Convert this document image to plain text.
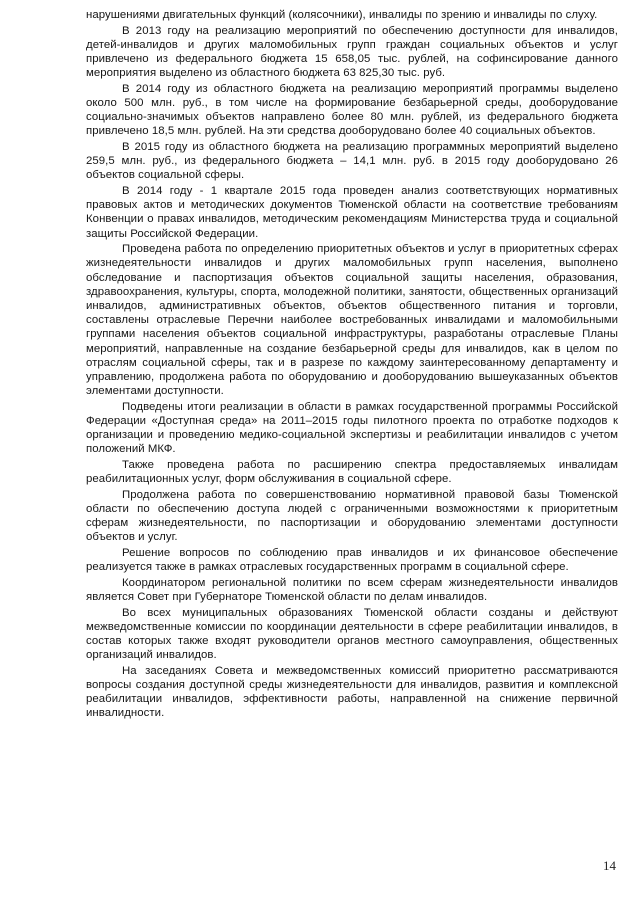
нарушениями двигательных функций (колясочники), инвалиды по зрению и инвалиды по слуху.

В 2013 году на реализацию мероприятий по обеспечению доступности для инвалидов, детей-инвалидов и других маломобильных групп граждан социальных объектов и услуг привлечено из федерального бюджета 15 658,05 тыс. рублей, на софинсирование данного мероприятия выделено из областного бюджета 63 825,30 тыс. руб.

В 2014 году из областного бюджета на реализацию мероприятий программы выделено около 500 млн. руб., в том числе на формирование безбарьерной среды, дооборудование социально-значимых объектов направлено более 80 млн. рублей, из федерального бюджета привлечено 18,5 млн. рублей. На эти средства дооборудовано более 40 социальных объектов.

В 2015 году из областного бюджета на реализацию программных мероприятий выделено 259,5 млн. руб., из федерального бюджета – 14,1 млн. руб. в 2015 году дооборудовано 26 объектов социальной сферы.

В 2014 году - 1 квартале 2015 года проведен анализ соответствующих нормативных правовых актов и методических документов Тюменской области на соответствие требованиям Конвенции о правах инвалидов, методическим рекомендациям Министерства труда и социальной защиты Российской Федерации.

Проведена работа по определению приоритетных объектов и услуг в приоритетных сферах жизнедеятельности инвалидов и других маломобильных групп населения, выполнено обследование и паспортизация объектов социальной защиты населения, образования, здравоохранения, культуры, спорта, молодежной политики, занятости, общественных организаций инвалидов, административных объектов, объектов общественного питания и торговли, составлены отраслевые Перечни наиболее востребованных инвалидами и маломобильными группами населения объектов социальной инфраструктуры, разработаны отраслевые Планы мероприятий, направленные на создание безбарьерной среды для инвалидов, как в целом по отраслям социальной сферы, так и в разрезе по каждому заинтересованному департаменту и управлению, продолжена работа по оборудованию и дооборудованию вышеуказанных объектов элементами доступности.

Подведены итоги реализации в области в рамках государственной программы Российской Федерации «Доступная среда» на 2011–2015 годы пилотного проекта по отработке подходов к организации и проведению медико-социальной экспертизы и реабилитации инвалидов с учетом положений МКФ.

Также проведена работа по расширению спектра предоставляемых инвалидам реабилитационных услуг, форм обслуживания в социальной сфере.

Продолжена работа по совершенствованию нормативной правовой базы Тюменской области по обеспечению доступа людей с ограниченными возможностями к приоритетным сферам жизнедеятельности, по паспортизации и оборудованию элементами доступности объектов и услуг.

Решение вопросов по соблюдению прав инвалидов и их финансовое обеспечение реализуется также в рамках отраслевых государственных программ в социальной сфере.

Координатором региональной политики по всем сферам жизнедеятельности инвалидов является Совет при Губернаторе Тюменской области по делам инвалидов.

Во всех муниципальных образованиях Тюменской области созданы и действуют межведомственные комиссии по координации деятельности в сфере реабилитации инвалидов, в состав которых также входят руководители органов местного самоуправления, общественных организаций инвалидов.

На заседаниях Совета и межведомственных комиссий приоритетно рассматриваются вопросы создания доступной среды жизнедеятельности для инвалидов, развития и комплексной реабилитации инвалидов, эффективности работы, направленной на снижение первичной инвалидности.

14
